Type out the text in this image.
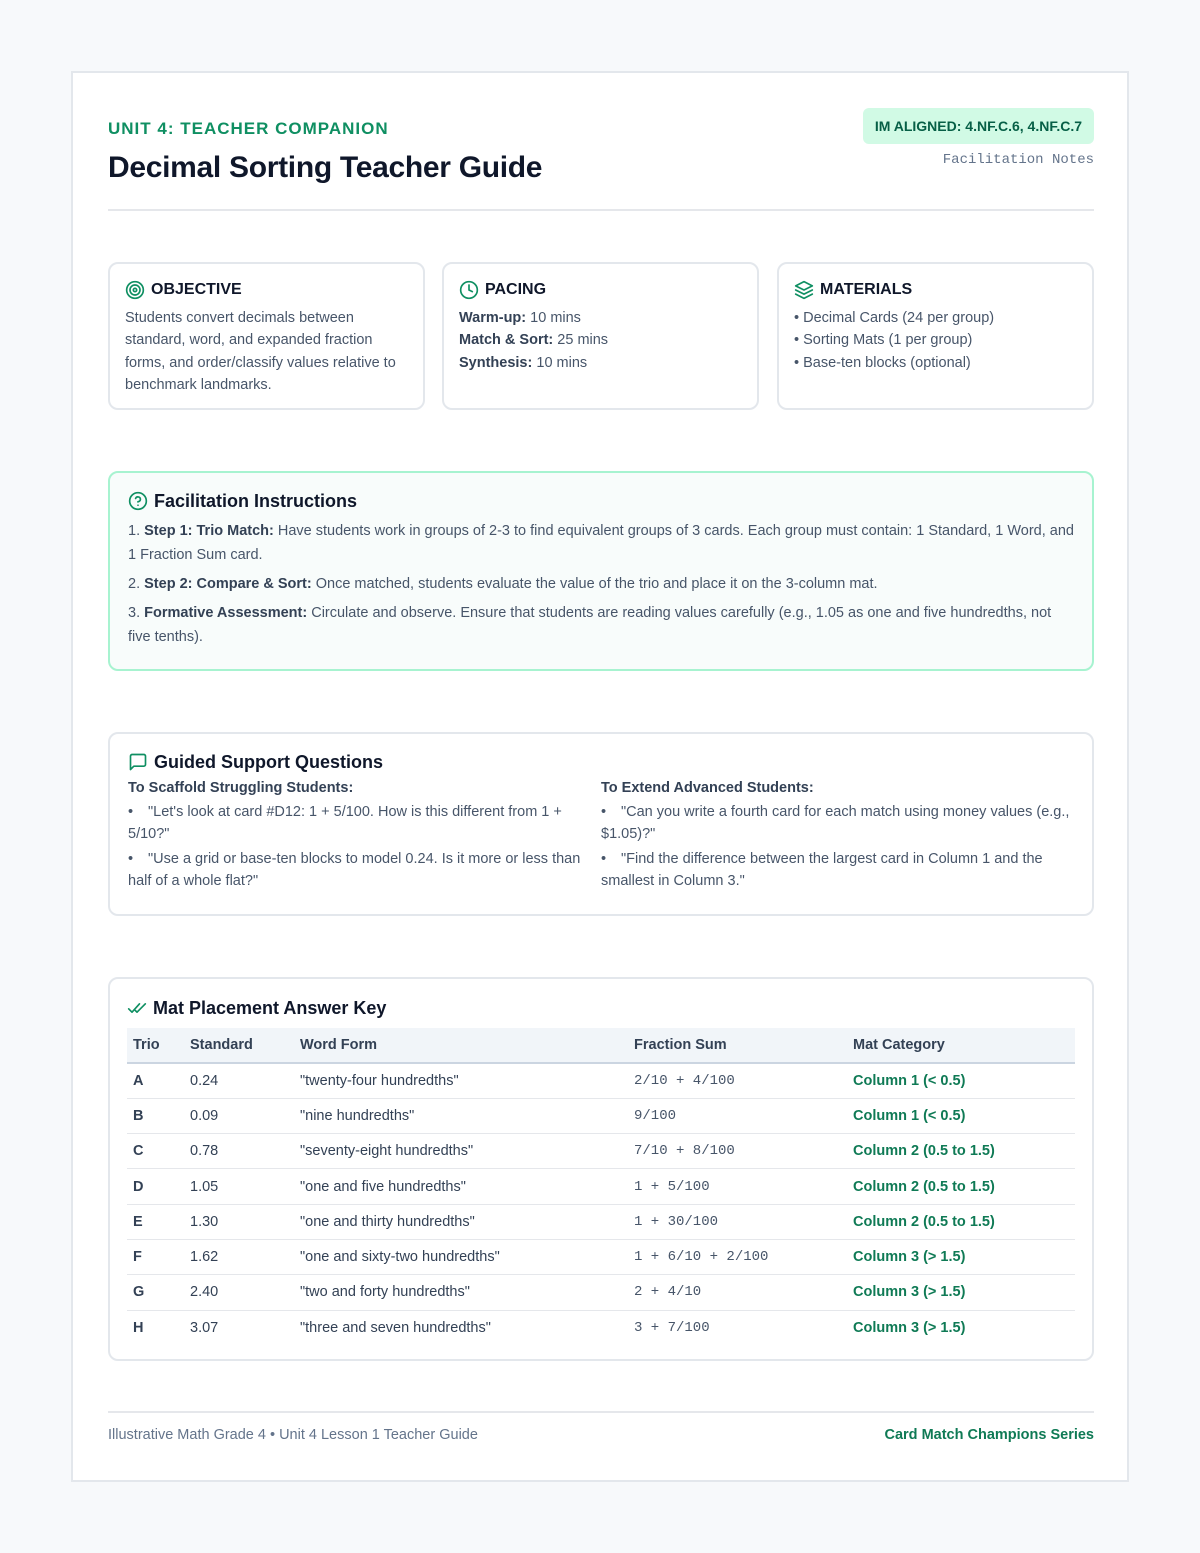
UNIT 4: TEACHER COMPANION
Decimal Sorting Teacher Guide
IM ALIGNED: 4.NF.C.6, 4.NF.C.7
Facilitation Notes
OBJECTIVE
Students convert decimals between standard, word, and expanded fraction forms, and order/classify values relative to benchmark landmarks.
PACING
Warm-up: 10 mins
Match & Sort: 25 mins
Synthesis: 10 mins
MATERIALS
• Decimal Cards (24 per group)
• Sorting Mats (1 per group)
• Base-ten blocks (optional)
Facilitation Instructions
1. Step 1: Trio Match: Have students work in groups of 2-3 to find equivalent groups of 3 cards. Each group must contain: 1 Standard, 1 Word, and 1 Fraction Sum card.
2. Step 2: Compare & Sort: Once matched, students evaluate the value of the trio and place it on the 3-column mat.
3. Formative Assessment: Circulate and observe. Ensure that students are reading values carefully (e.g., 1.05 as one and five hundredths, not five tenths).
Guided Support Questions
To Scaffold Struggling Students:
• "Let's look at card #D12: 1 + 5/100. How is this different from 1 + 5/10?"
• "Use a grid or base-ten blocks to model 0.24. Is it more or less than half of a whole flat?"
To Extend Advanced Students:
• "Can you write a fourth card for each match using money values (e.g., $1.05)?"
• "Find the difference between the largest card in Column 1 and the smallest in Column 3."
Mat Placement Answer Key
Trio	Standard	Word Form	Fraction Sum	Mat Category
A	0.24	"twenty-four hundredths"	2/10 + 4/100	Column 1 (< 0.5)
B	0.09	"nine hundredths"	9/100	Column 1 (< 0.5)
C	0.78	"seventy-eight hundredths"	7/10 + 8/100	Column 2 (0.5 to 1.5)
D	1.05	"one and five hundredths"	1 + 5/100	Column 2 (0.5 to 1.5)
E	1.30	"one and thirty hundredths"	1 + 30/100	Column 2 (0.5 to 1.5)
F	1.62	"one and sixty-two hundredths"	1 + 6/10 + 2/100	Column 3 (> 1.5)
G	2.40	"two and forty hundredths"	2 + 4/10	Column 3 (> 1.5)
H	3.07	"three and seven hundredths"	3 + 7/100	Column 3 (> 1.5)
Illustrative Math Grade 4 • Unit 4 Lesson 1 Teacher Guide	Card Match Champions Series
